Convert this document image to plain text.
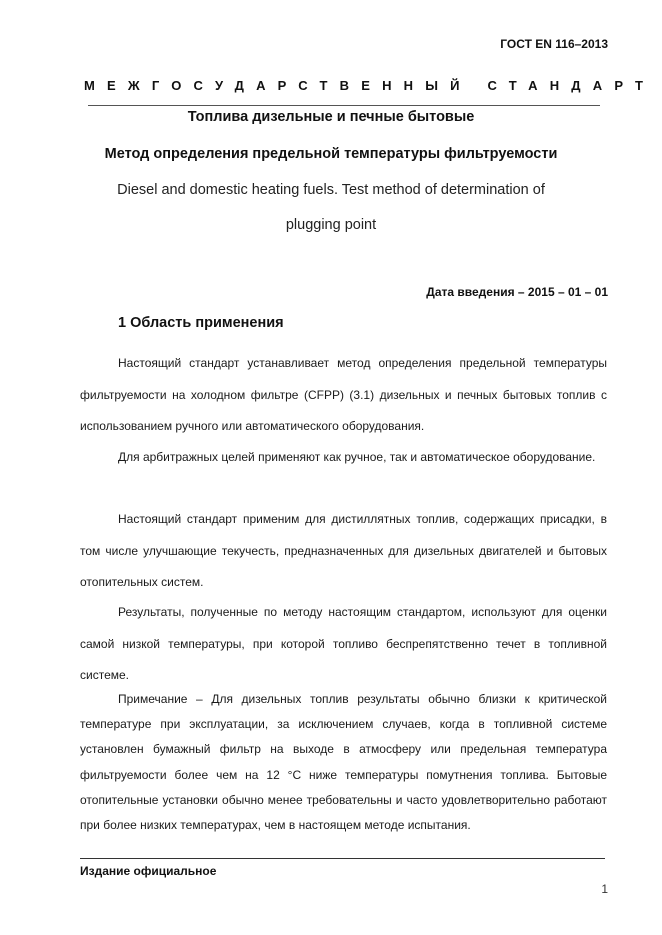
ГОСТ EN 116–2013
МЕЖГОСУДАРСТВЕННЫЙ СТАНДАРТ
Топлива дизельные и печные бытовые
Метод определения предельной температуры фильтруемости
Diesel and domestic heating fuels. Test method of determination of
plugging point
Дата введения – 2015 – 01 – 01
1 Область применения
Настоящий стандарт устанавливает метод определения предельной температуры фильтруемости на холодном фильтре (CFPP) (3.1) дизельных и печных бытовых топлив с использованием ручного или автоматического оборудования.
Для арбитражных целей применяют как ручное, так и автоматическое оборудование.
Настоящий стандарт применим для дистиллятных топлив, содержащих присадки, в том числе улучшающие текучесть, предназначенных для дизельных двигателей и бытовых отопительных систем.
Результаты, полученные по методу настоящим стандартом, используют для оценки самой низкой температуры, при которой топливо беспрепятственно течет в топливной системе.
Примечание – Для дизельных топлив результаты обычно близки к критической температуре при эксплуатации, за исключением случаев, когда в топливной системе установлен бумажный фильтр на выходе в атмосферу или предельная температура фильтруемости более чем на 12 °С ниже температуры помутнения топлива. Бытовые отопительные установки обычно менее требовательны и часто удовлетворительно работают при более низких температурах, чем в настоящем методе испытания.
Издание официальное
1
